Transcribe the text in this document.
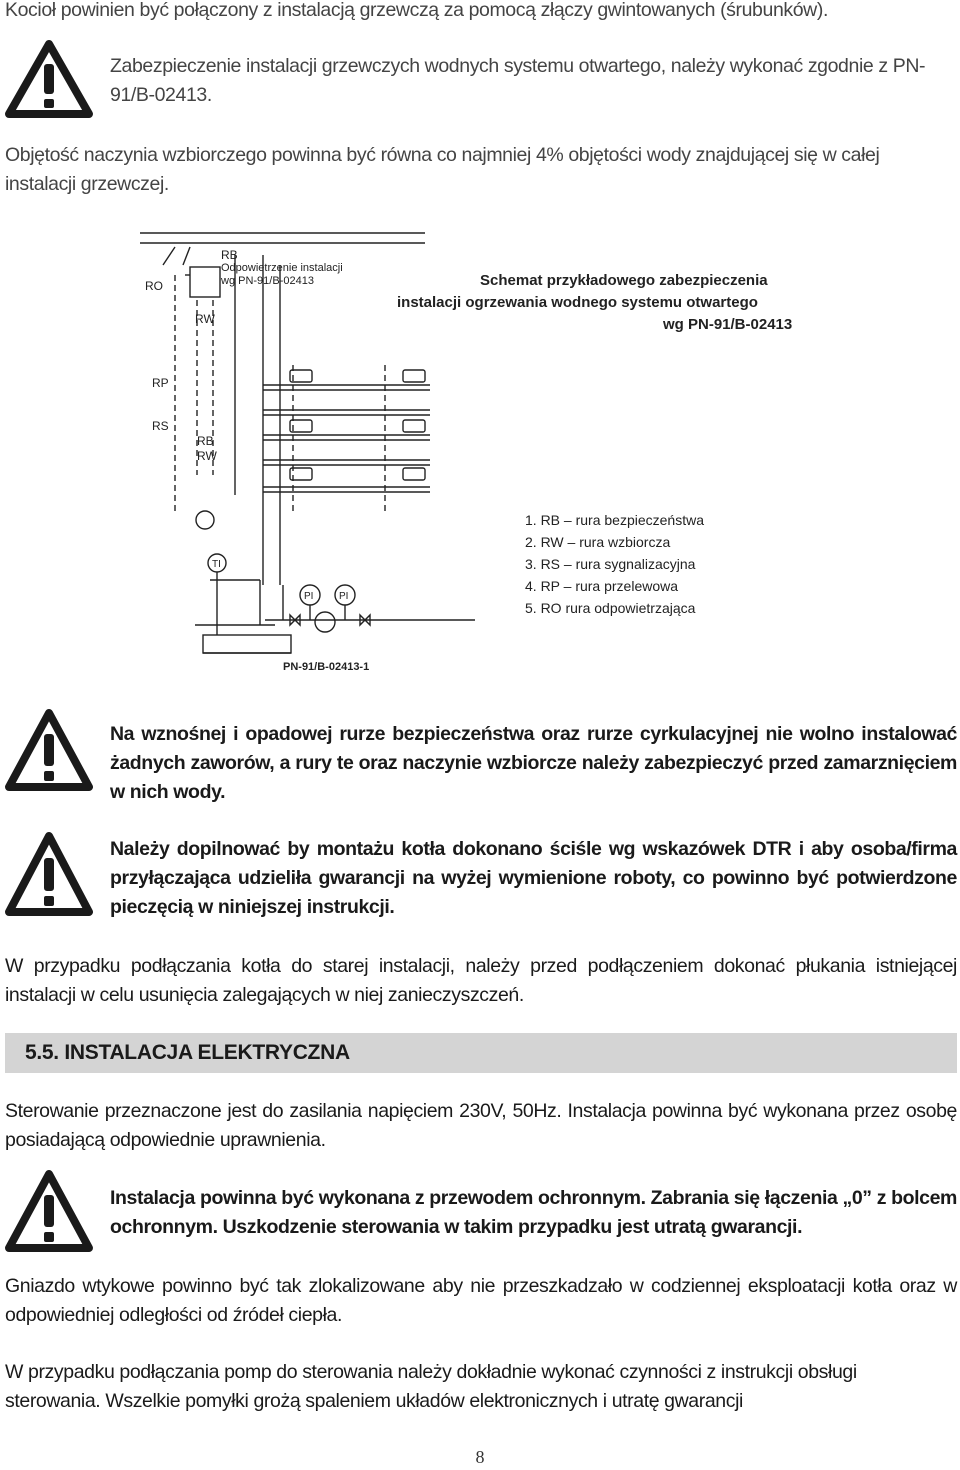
Kocioł powinien być połączony z instalacją grzewczą za pomocą złączy gwintowanych (śrubunków).

Zabezpieczenie instalacji grzewczych wodnych systemu otwartego, należy wykonać zgodnie z PN-91/B-02413.

Objętość naczynia wzbiorczego powinna być równa co najmniej 4% objętości wody znajdującej się w całej instalacji grzewczej.

RB
RO
Odpowietrzenie instalacji
wg PN-91/B-02413
RW
RP
RS
RB
RW
TI
PI	PI
PN-91/B-02413-1
Schemat przykładowego zabezpieczenia
instalacji ogrzewania wodnego systemu otwartego
wg PN-91/B-02413
1. RB – rura bezpieczeństwa
2. RW – rura wzbiorcza
3. RS – rura sygnalizacyjna
4. RP – rura przelewowa
5. RO rura odpowietrzająca

Na wznośnej i opadowej rurze bezpieczeństwa oraz rurze cyrkulacyjnej nie wolno instalować żadnych zaworów, a rury te oraz naczynie wzbiorcze należy zabezpieczyć przed zamarznięciem w nich wody.

Należy dopilnować by montażu kotła dokonano ściśle wg wskazówek DTR i aby osoba/firma przyłączająca udzieliła gwarancji na wyżej wymienione roboty, co powinno być potwierdzone pieczęcią w niniejszej instrukcji.

W przypadku podłączania kotła do starej instalacji, należy przed podłączeniem dokonać płukania istniejącej instalacji w celu usunięcia zalegających w niej zanieczyszczeń.

5.5. INSTALACJA ELEKTRYCZNA

Sterowanie przeznaczone jest do zasilania napięciem 230V, 50Hz. Instalacja powinna być wykonana przez osobę posiadającą odpowiednie uprawnienia.

Instalacja powinna być wykonana z przewodem ochronnym. Zabrania się łączenia „0” z bolcem ochronnym. Uszkodzenie sterowania w takim przypadku jest utratą gwarancji.

Gniazdo wtykowe powinno być tak zlokalizowane aby nie przeszkadzało w codziennej eksploatacji kotła oraz w odpowiedniej odległości od źródeł ciepła.

W przypadku podłączania pomp do sterowania należy dokładnie wykonać czynności z instrukcji obsługi sterowania. Wszelkie pomyłki grożą spaleniem układów elektronicznych i utratę gwarancji

8
